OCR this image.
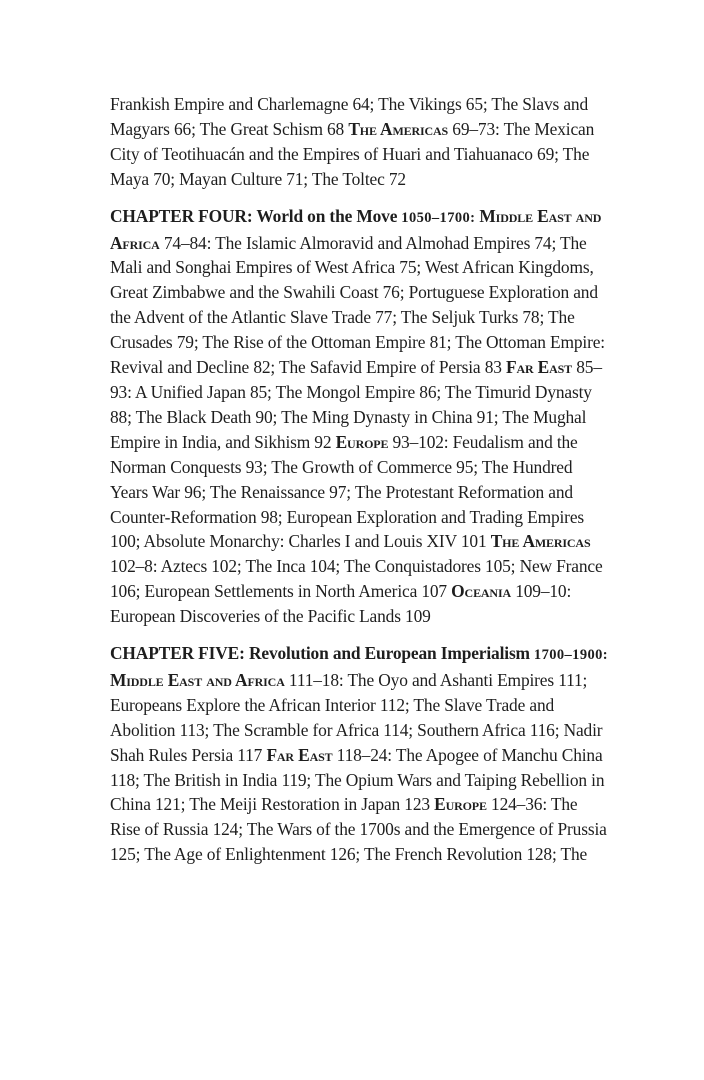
Frankish Empire and Charlemagne 64; The Vikings 65; The Slavs and Magyars 66; The Great Schism 68 The Americas 69–73: The Mexican City of Teotihuacán and the Empires of Huari and Tiahuanaco 69; The Maya 70; Mayan Culture 71; The Toltec 72

CHAPTER FOUR: World on the Move 1050–1700: Middle East and Africa 74–84: The Islamic Almoravid and Almohad Empires 74; The Mali and Songhai Empires of West Africa 75; West African Kingdoms, Great Zimbabwe and the Swahili Coast 76; Portuguese Exploration and the Advent of the Atlantic Slave Trade 77; The Seljuk Turks 78; The Crusades 79; The Rise of the Ottoman Empire 81; The Ottoman Empire: Revival and Decline 82; The Safavid Empire of Persia 83 Far East 85–93: A Unified Japan 85; The Mongol Empire 86; The Timurid Dynasty 88; The Black Death 90; The Ming Dynasty in China 91; The Mughal Empire in India, and Sikhism 92 Europe 93–102: Feudalism and the Norman Conquests 93; The Growth of Commerce 95; The Hundred Years War 96; The Renaissance 97; The Protestant Reformation and Counter-Reformation 98; European Exploration and Trading Empires 100; Absolute Monarchy: Charles I and Louis XIV 101 The Americas 102–8: Aztecs 102; The Inca 104; The Conquistadores 105; New France 106; European Settlements in North America 107 Oceania 109–10: European Discoveries of the Pacific Lands 109

CHAPTER FIVE: Revolution and European Imperialism 1700–1900: Middle East and Africa 111–18: The Oyo and Ashanti Empires 111; Europeans Explore the African Interior 112; The Slave Trade and Abolition 113; The Scramble for Africa 114; Southern Africa 116; Nadir Shah Rules Persia 117 Far East 118–24: The Apogee of Manchu China 118; The British in India 119; The Opium Wars and Taiping Rebellion in China 121; The Meiji Restoration in Japan 123 Europe 124–36: The Rise of Russia 124; The Wars of the 1700s and the Emergence of Prussia 125; The Age of Enlightenment 126; The French Revolution 128; The
